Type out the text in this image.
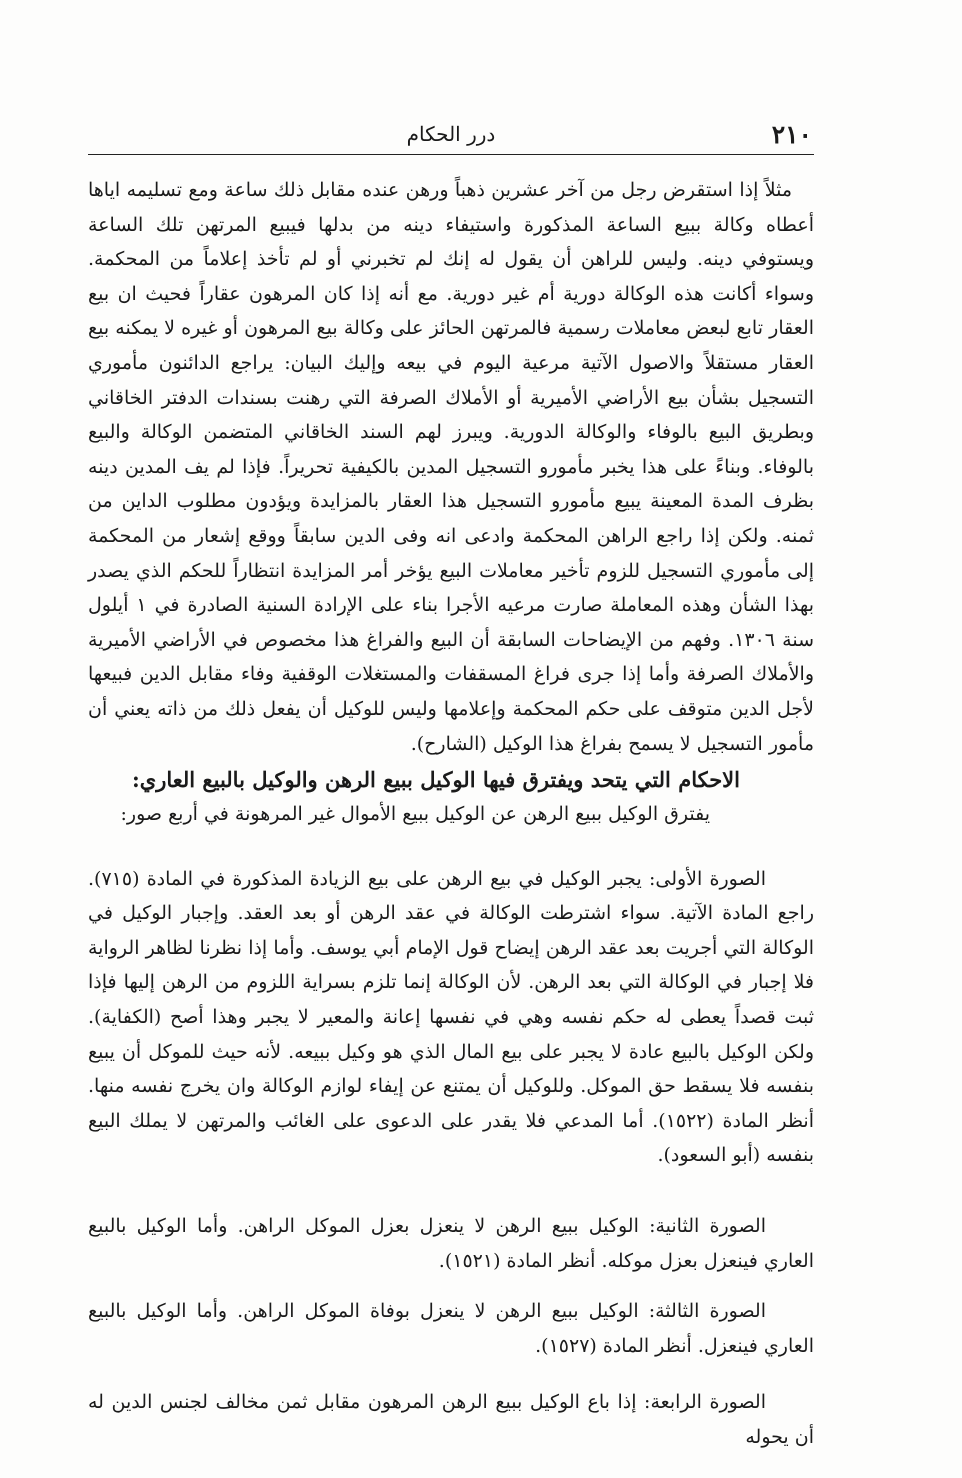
٢١٠
درر الحكام

مثلاً إذا استقرض رجل من آخر عشرين ذهباً ورهن عنده مقابل ذلك ساعة ومع تسليمه اياها أعطاه وكالة ببيع الساعة المذكورة واستيفاء دينه من بدلها فيبيع المرتهن تلك الساعة ويستوفي دينه. وليس للراهن أن يقول له إنك لم تخبرني أو لم تأخذ إعلاماً من المحكمة. وسواء أكانت هذه الوكالة دورية أم غير دورية. مع أنه إذا كان المرهون عقاراً فحيث ان بيع العقار تابع لبعض معاملات رسمية فالمرتهن الحائز على وكالة بيع المرهون أو غيره لا يمكنه بيع العقار مستقلاً والاصول الآتية مرعية اليوم في بيعه وإليك البيان: يراجع الدائنون مأموري التسجيل بشأن بيع الأراضي الأميرية أو الأملاك الصرفة التي رهنت بسندات الدفتر الخاقاني وبطريق البيع بالوفاء والوكالة الدورية. ويبرز لهم السند الخاقاني المتضمن الوكالة والبيع بالوفاء. وبناءً على هذا يخبر مأمورو التسجيل المدين بالكيفية تحريراً. فإذا لم يف المدين دينه بظرف المدة المعينة يبيع مأمورو التسجيل هذا العقار بالمزايدة ويؤدون مطلوب الداين من ثمنه. ولكن إذا راجع الراهن المحكمة وادعى انه وفى الدين سابقاً ووقع إشعار من المحكمة إلى مأموري التسجيل للزوم تأخير معاملات البيع يؤخر أمر المزايدة انتظاراً للحكم الذي يصدر بهذا الشأن وهذه المعاملة صارت مرعيه الأجرا بناء على الإرادة السنية الصادرة في ١ أيلول سنة ١٣٠٦. وفهم من الإيضاحات السابقة أن البيع والفراغ هذا مخصوص في الأراضي الأميرية والأملاك الصرفة وأما إذا جرى فراغ المسقفات والمستغلات الوقفية وفاء مقابل الدين فبيعها لأجل الدين متوقف على حكم المحكمة وإعلامها وليس للوكيل أن يفعل ذلك من ذاته يعني أن مأمور التسجيل لا يسمح بفراغ هذا الوكيل (الشارح).

الاحكام التي يتحد ويفترق فيها الوكيل ببيع الرهن والوكيل بالبيع العاري:

يفترق الوكيل ببيع الرهن عن الوكيل ببيع الأموال غير المرهونة في أربع صور:

الصورة الأولى: يجبر الوكيل في بيع الرهن على بيع الزيادة المذكورة في المادة (٧١٥). راجع المادة الآتية. سواء اشترطت الوكالة في عقد الرهن أو بعد العقد. وإجبار الوكيل في الوكالة التي أجريت بعد عقد الرهن إيضاح قول الإمام أبي يوسف. وأما إذا نظرنا لظاهر الرواية فلا إجبار في الوكالة التي بعد الرهن. لأن الوكالة إنما تلزم بسراية اللزوم من الرهن إليها فإذا ثبت قصداً يعطى له حكم نفسه وهي في نفسها إعانة والمعير لا يجبر وهذا أصح (الكفاية). ولكن الوكيل بالبيع عادة لا يجبر على بيع المال الذي هو وكيل ببيعه. لأنه حيث للموكل أن يبيع بنفسه فلا يسقط حق الموكل. وللوكيل أن يمتنع عن إيفاء لوازم الوكالة وان يخرج نفسه منها. أنظر المادة (١٥٢٢). أما المدعي فلا يقدر على الدعوى على الغائب والمرتهن لا يملك البيع بنفسه (أبو السعود).

الصورة الثانية: الوكيل ببيع الرهن لا ينعزل بعزل الموكل الراهن. وأما الوكيل بالبيع العاري فينعزل بعزل موكله. أنظر المادة (١٥٢١).

الصورة الثالثة: الوكيل ببيع الرهن لا ينعزل بوفاة الموكل الراهن. وأما الوكيل بالبيع العاري فينعزل. أنظر المادة (١٥٢٧).

الصورة الرابعة: إذا باع الوكيل ببيع الرهن المرهون مقابل ثمن مخالف لجنس الدين له أن يحوله
